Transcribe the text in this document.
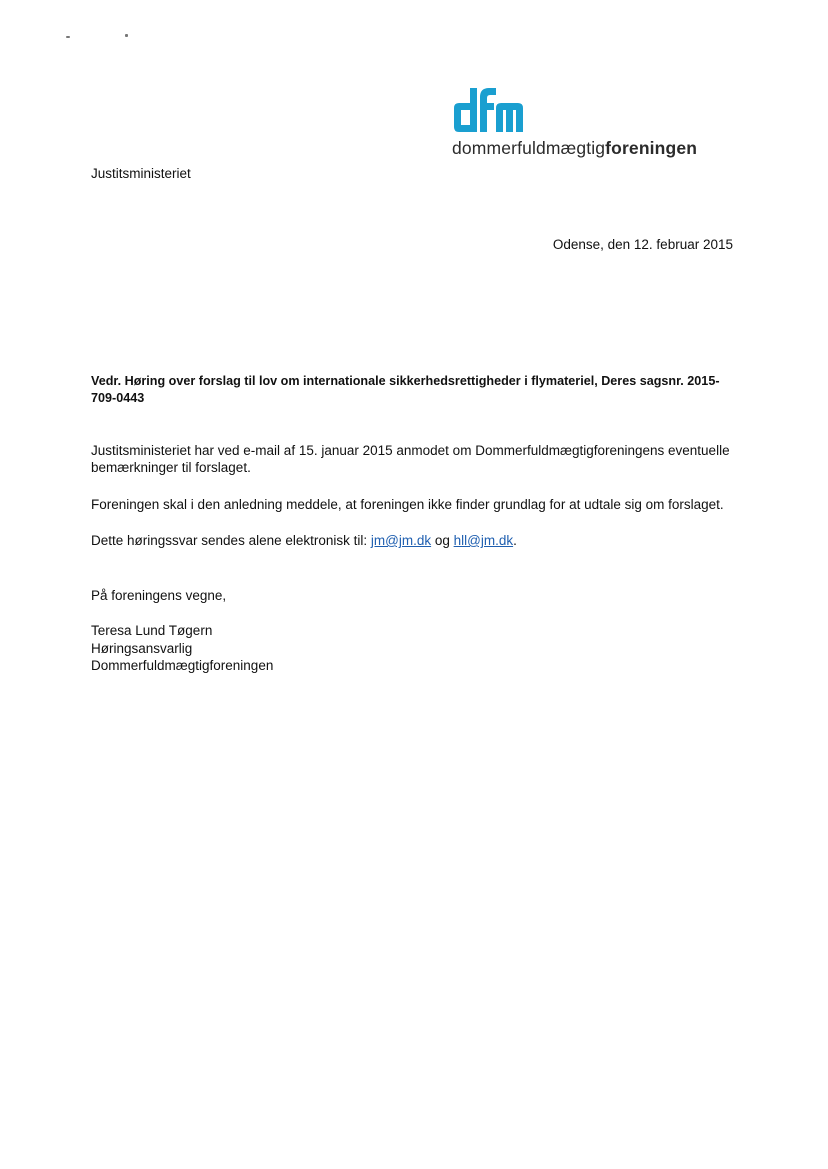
dommerfuldmægtigforeningen
Justitsministeriet
Odense, den 12. februar 2015
Vedr. Høring over forslag til lov om internationale sikkerhedsrettigheder i flymateriel, Deres sagsnr. 2015-709-0443
Justitsministeriet har ved e-mail af 15. januar 2015 anmodet om Dommerfuldmægtigforeningens eventuelle bemærkninger til forslaget.
Foreningen skal i den anledning meddele, at foreningen ikke finder grundlag for at udtale sig om forslaget.
Dette høringssvar sendes alene elektronisk til: jm@jm.dk og hll@jm.dk.
På foreningens vegne,
Teresa Lund Tøgern
Høringsansvarlig
Dommerfuldmægtigforeningen
